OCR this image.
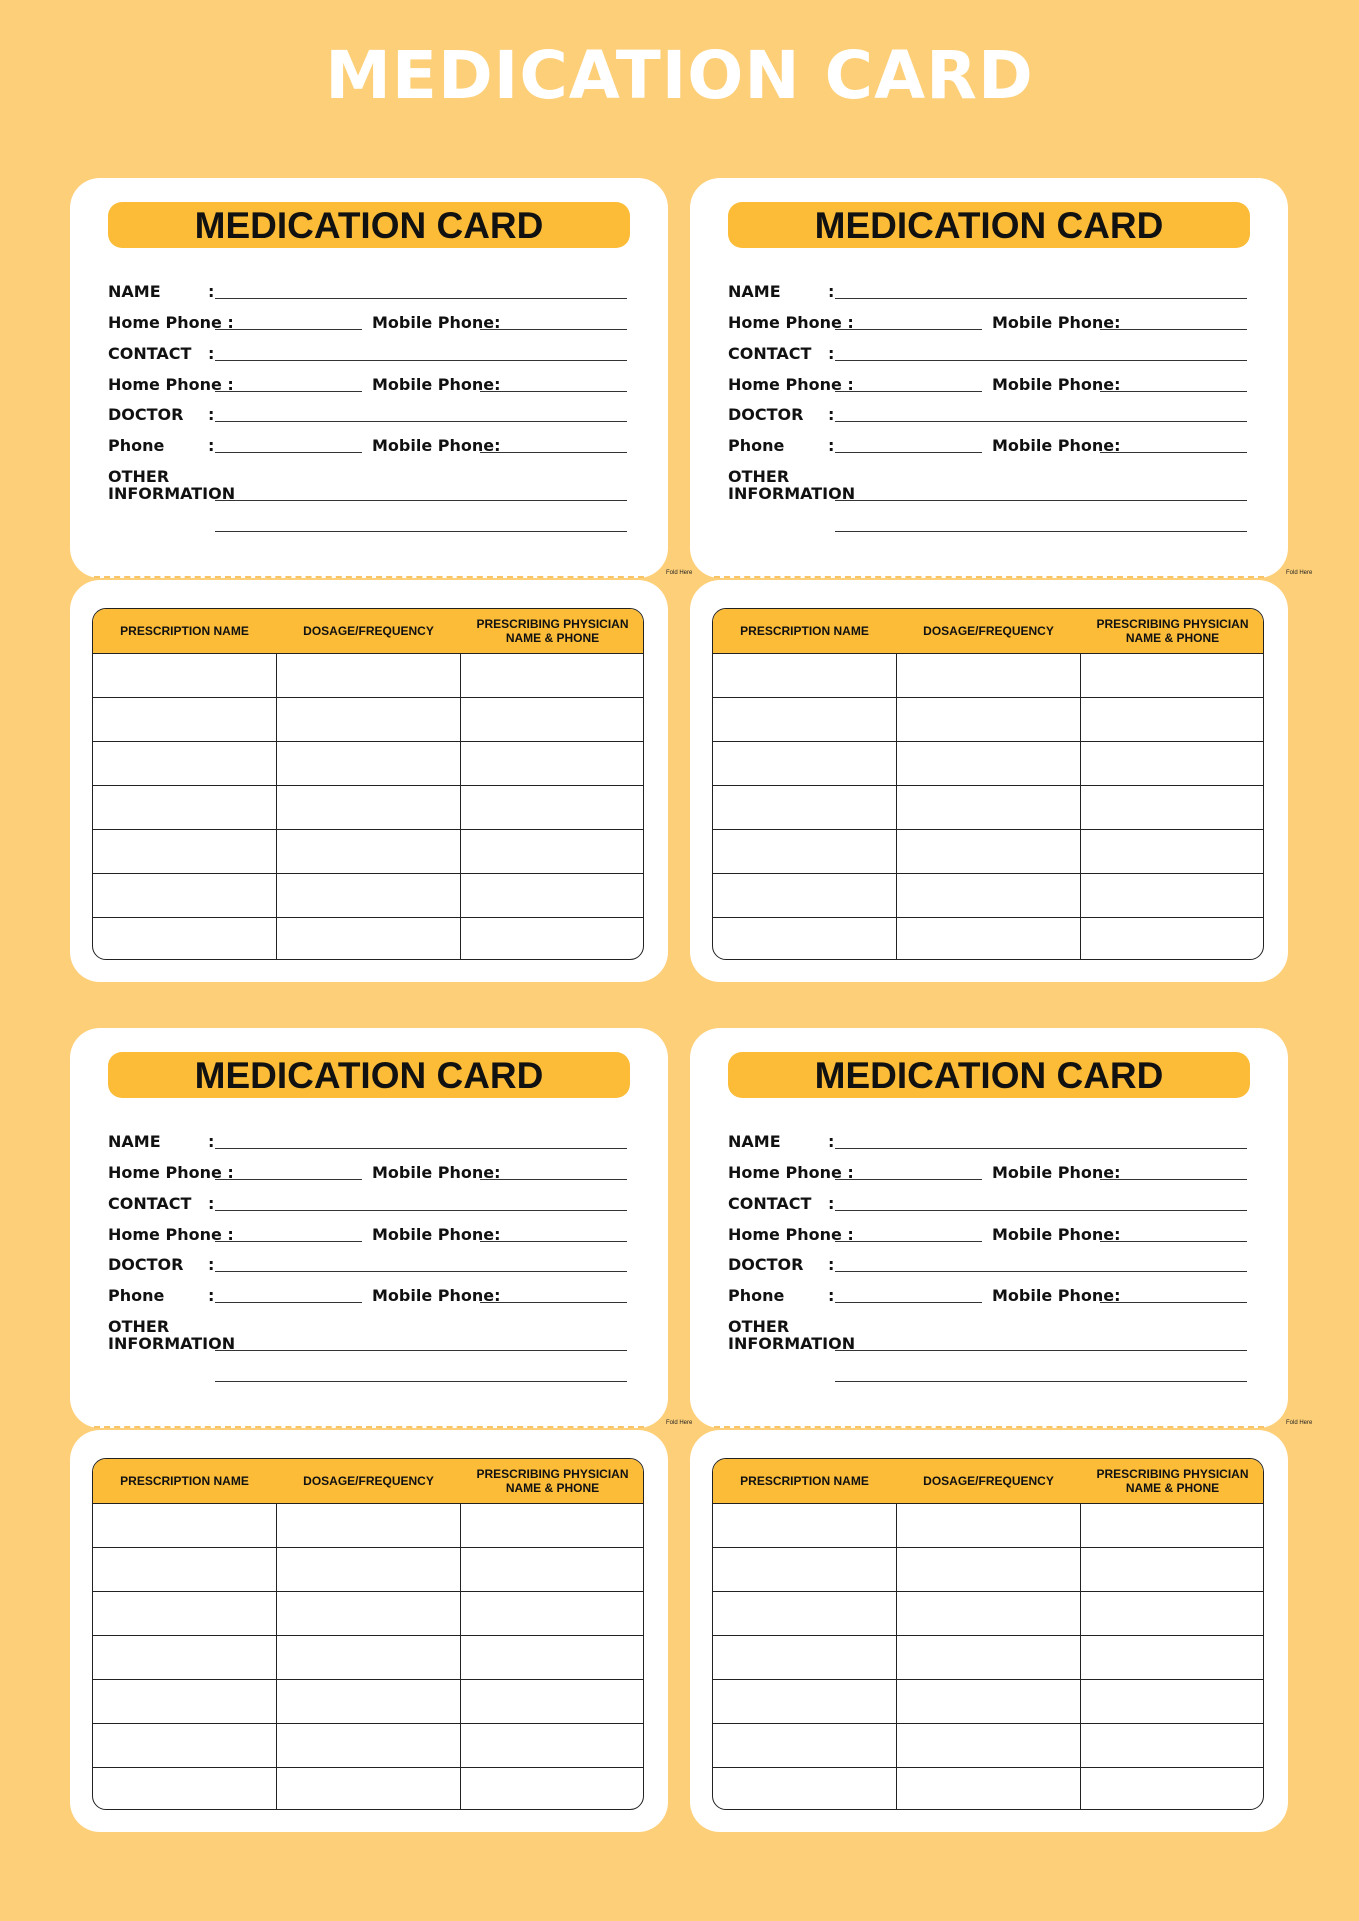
MEDICATION CARD
MEDICATION CARD
NAME	:
Home Phone :	Mobile Phone:
CONTACT :
Home Phone :	Mobile Phone:
DOCTOR :
Phone	:	Mobile Phone:
OTHER
INFORMATION
Fold Here
PRESCRIPTION NAME	DOSAGE/FREQUENCY	PRESCRIBING PHYSICIAN
NAME & PHONE
MEDICATION CARD
NAME	:
Home Phone :	Mobile Phone:
CONTACT :
Home Phone :	Mobile Phone:
DOCTOR :
Phone	:	Mobile Phone:
OTHER
INFORMATION
Fold Here
PRESCRIPTION NAME	DOSAGE/FREQUENCY	PRESCRIBING PHYSICIAN
NAME & PHONE
MEDICATION CARD
NAME	:
Home Phone :	Mobile Phone:
CONTACT :
Home Phone :	Mobile Phone:
DOCTOR :
Phone	:	Mobile Phone:
OTHER
INFORMATION
Fold Here
PRESCRIPTION NAME	DOSAGE/FREQUENCY	PRESCRIBING PHYSICIAN
NAME & PHONE
MEDICATION CARD
NAME	:
Home Phone :	Mobile Phone:
CONTACT :
Home Phone :	Mobile Phone:
DOCTOR :
Phone	:	Mobile Phone:
OTHER
INFORMATION
Fold Here
PRESCRIPTION NAME	DOSAGE/FREQUENCY	PRESCRIBING PHYSICIAN
NAME & PHONE
